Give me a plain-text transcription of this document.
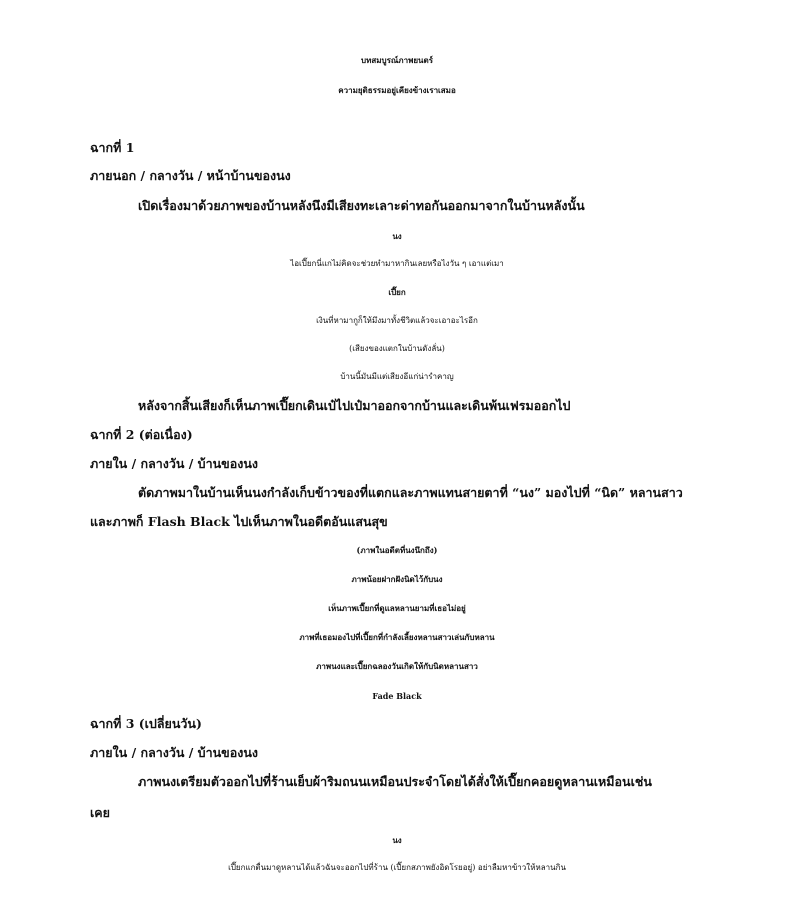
บทสมบูรณ์ภาพยนตร์
ความยุติธรรมอยู่เคียงข้างเราเสมอ
ฉากที่ 1
ภายนอก / กลางวัน / หน้าบ้านของนง
เปิดเรื่องมาด้วยภาพของบ้านหลังนึงมีเสียงทะเลาะด่าทอกันออกมาจากในบ้านหลังนั้น
นง
ไอเปี๊ยกนี่แกไม่คิดจะช่วยทำมาหากินเลยหรือไงวัน ๆ เอาแต่เมา
เปี๊ยก
เงินที่หามากูก็ให้มึงมาทั้งชีวิตแล้วจะเอาอะไรอีก
(เสียงของแตกในบ้านดังลั่น)
บ้านนี้มันมีแต่เสียงอีแก่น่ารำคาญ
หลังจากสิ้นเสียงก็เห็นภาพเปี๊ยกเดินเป๋ไปเป๋มาออกจากบ้านและเดินพ้นเฟรมออกไป
ฉากที่ 2 (ต่อเนื่อง)
ภายใน / กลางวัน / บ้านของนง
ตัดภาพมาในบ้านเห็นนงกำลังเก็บข้าวของที่แตกและภาพแทนสายตาที่ “นง” มองไปที่ “นิด” หลานสาว
และภาพก็ Flash Black ไปเห็นภาพในอดีตอันแสนสุข
(ภาพในอดีตที่นงนึกถึง)
ภาพน้อยฝากฝังนิดไว้กับนง
เห็นภาพเปี๊ยกที่ดูแลหลานยามที่เธอไม่อยู่
ภาพที่เธอมองไปที่เปี๊ยกที่กำลังเลี้ยงหลานสาวเล่นกับหลาน
ภาพนงและเปี๊ยกฉลองวันเกิดให้กับนิดหลานสาว
Fade Black
ฉากที่ 3 (เปลี่ยนวัน)
ภายใน / กลางวัน / บ้านของนง
ภาพนงเตรียมตัวออกไปที่ร้านเย็บผ้าริมถนนเหมือนประจำโดยได้สั่งให้เปี๊ยกคอยดูหลานเหมือนเช่น
เคย
นง
เปี๊ยกแกตื่นมาดูหลานได้แล้วฉันจะออกไปที่ร้าน (เปี๊ยกสภาพยังอิดโรยอยู่) อย่าลืมหาข้าวให้หลานกิน
